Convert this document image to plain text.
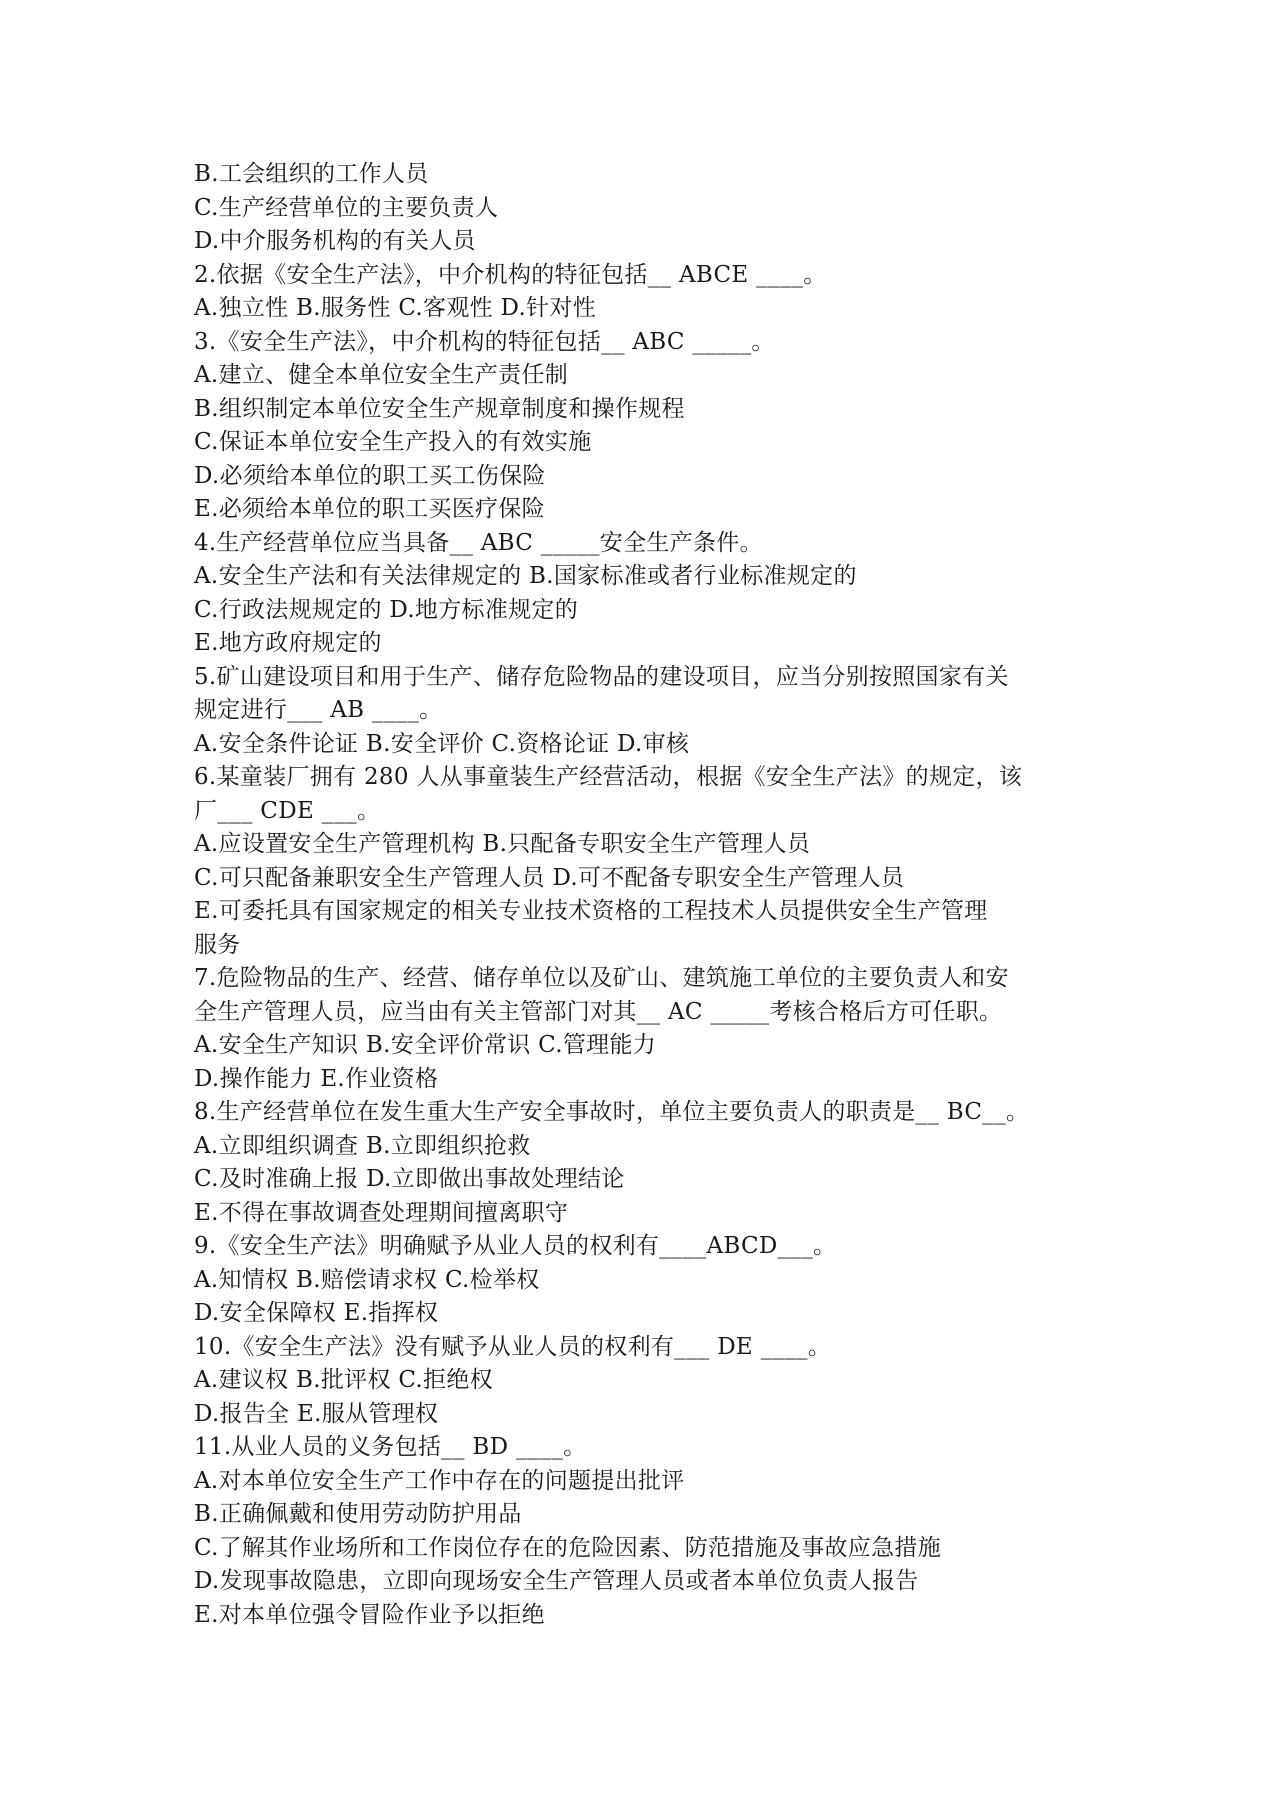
B.工会组织的工作人员
C.生产经营单位的主要负责人
D.中介服务机构的有关人员
2.依据《安全生产法》，中介机构的特征包括__ ABCE ____。
A.独立性 B.服务性 C.客观性 D.针对性
3.《安全生产法》，中介机构的特征包括__ ABC _____。
A.建立、健全本单位安全生产责任制
B.组织制定本单位安全生产规章制度和操作规程
C.保证本单位安全生产投入的有效实施
D.必须给本单位的职工买工伤保险
E.必须给本单位的职工买医疗保险
4.生产经营单位应当具备__ ABC _____安全生产条件。
A.安全生产法和有关法律规定的 B.国家标准或者行业标准规定的
C.行政法规规定的 D.地方标准规定的
E.地方政府规定的
5.矿山建设项目和用于生产、储存危险物品的建设项目，应当分别按照国家有关
规定进行___ AB ____。
A.安全条件论证 B.安全评价 C.资格论证 D.审核
6.某童装厂拥有 280 人从事童装生产经营活动，根据《安全生产法》的规定，该
厂___ CDE ___。
A.应设置安全生产管理机构 B.只配备专职安全生产管理人员
C.可只配备兼职安全生产管理人员 D.可不配备专职安全生产管理人员
E.可委托具有国家规定的相关专业技术资格的工程技术人员提供安全生产管理
服务
7.危险物品的生产、经营、储存单位以及矿山、建筑施工单位的主要负责人和安
全生产管理人员，应当由有关主管部门对其__ AC _____考核合格后方可任职。
A.安全生产知识 B.安全评价常识 C.管理能力
D.操作能力 E.作业资格
8.生产经营单位在发生重大生产安全事故时，单位主要负责人的职责是__ BC__。
A.立即组织调查 B.立即组织抢救
C.及时准确上报 D.立即做出事故处理结论
E.不得在事故调查处理期间擅离职守
9.《安全生产法》明确赋予从业人员的权利有____ABCD___。
A.知情权 B.赔偿请求权 C.检举权
D.安全保障权 E.指挥权
10.《安全生产法》没有赋予从业人员的权利有___ DE ____。
A.建议权 B.批评权 C.拒绝权
D.报告全 E.服从管理权
11.从业人员的义务包括__ BD ____。
A.对本单位安全生产工作中存在的问题提出批评
B.正确佩戴和使用劳动防护用品
C.了解其作业场所和工作岗位存在的危险因素、防范措施及事故应急措施
D.发现事故隐患，立即向现场安全生产管理人员或者本单位负责人报告
E.对本单位强令冒险作业予以拒绝
